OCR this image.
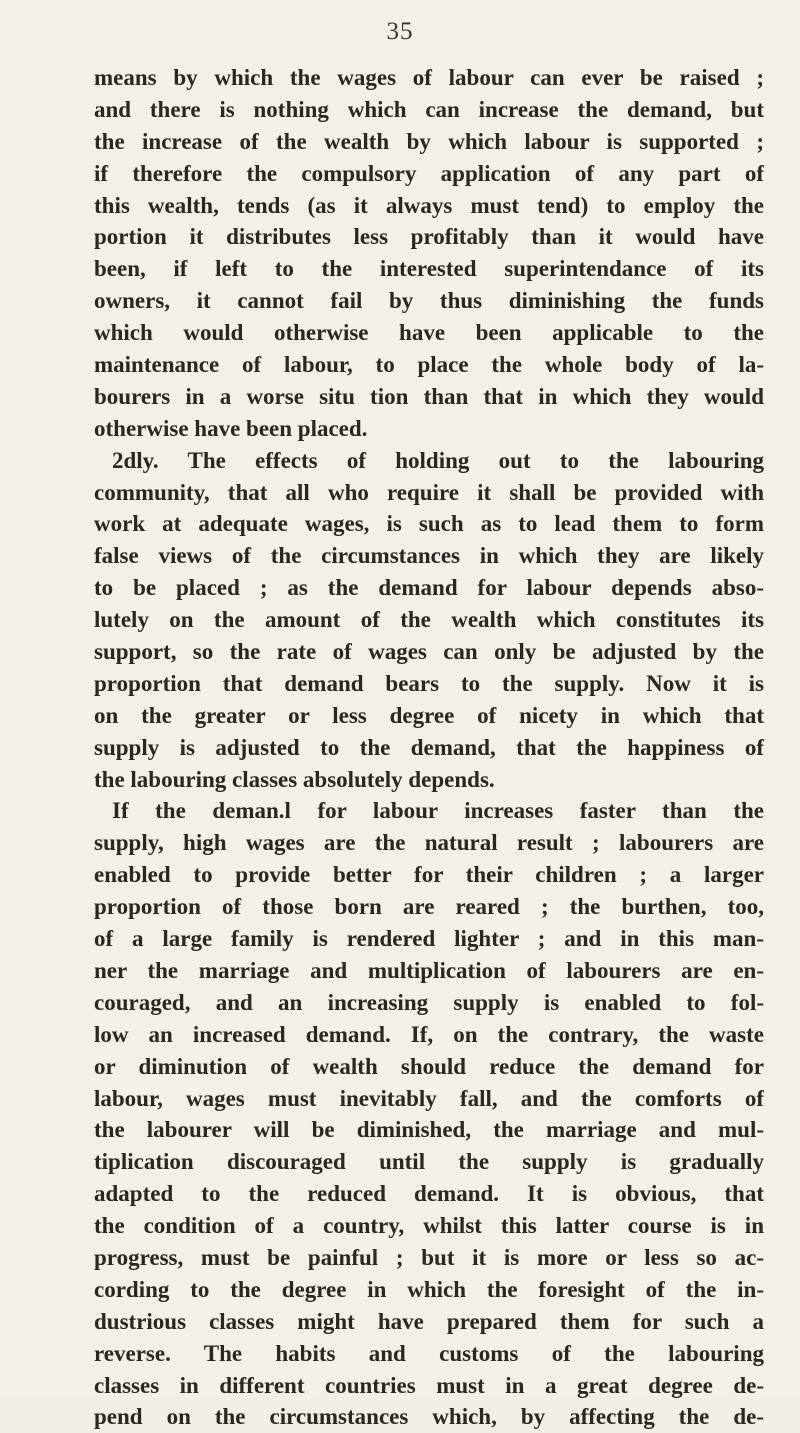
35
means by which the wages of labour can ever be raised ;
and there is nothing which can increase the demand, but
the increase of the wealth by which labour is supported ;
if therefore the compulsory application of any part of
this wealth, tends (as it always must tend) to employ the
portion it distributes less profitably than it would have
been, if left to the interested superintendance of its
owners, it cannot fail by thus diminishing the funds
which would otherwise have been applicable to the
maintenance of labour, to place the whole body of la-
bourers in a worse situ tion than that in which they would
otherwise have been placed.
2dly. The effects of holding out to the labouring
community, that all who require it shall be provided with
work at adequate wages, is such as to lead them to form
false views of the circumstances in which they are likely
to be placed ; as the demand for labour depends abso-
lutely on the amount of the wealth which constitutes its
support, so the rate of wages can only be adjusted by the
proportion that demand bears to the supply. Now it is
on the greater or less degree of nicety in which that
supply is adjusted to the demand, that the happiness of
the labouring classes absolutely depends.
If the deman.l for labour increases faster than the
supply, high wages are the natural result ; labourers are
enabled to provide better for their children ; a larger
proportion of those born are reared ; the burthen, too,
of a large family is rendered lighter ; and in this man-
ner the marriage and multiplication of labourers are en-
couraged, and an increasing supply is enabled to fol-
low an increased demand. If, on the contrary, the waste
or diminution of wealth should reduce the demand for
labour, wages must inevitably fall, and the comforts of
the labourer will be diminished, the marriage and mul-
tiplication discouraged until the supply is gradually
adapted to the reduced demand. It is obvious, that
the condition of a country, whilst this latter course is in
progress, must be painful ; but it is more or less so ac-
cording to the degree in which the foresight of the in-
dustrious classes might have prepared them for such a
reverse. The habits and customs of the labouring
classes in different countries must in a great degree de-
pend on the circumstances which, by affecting the de-
